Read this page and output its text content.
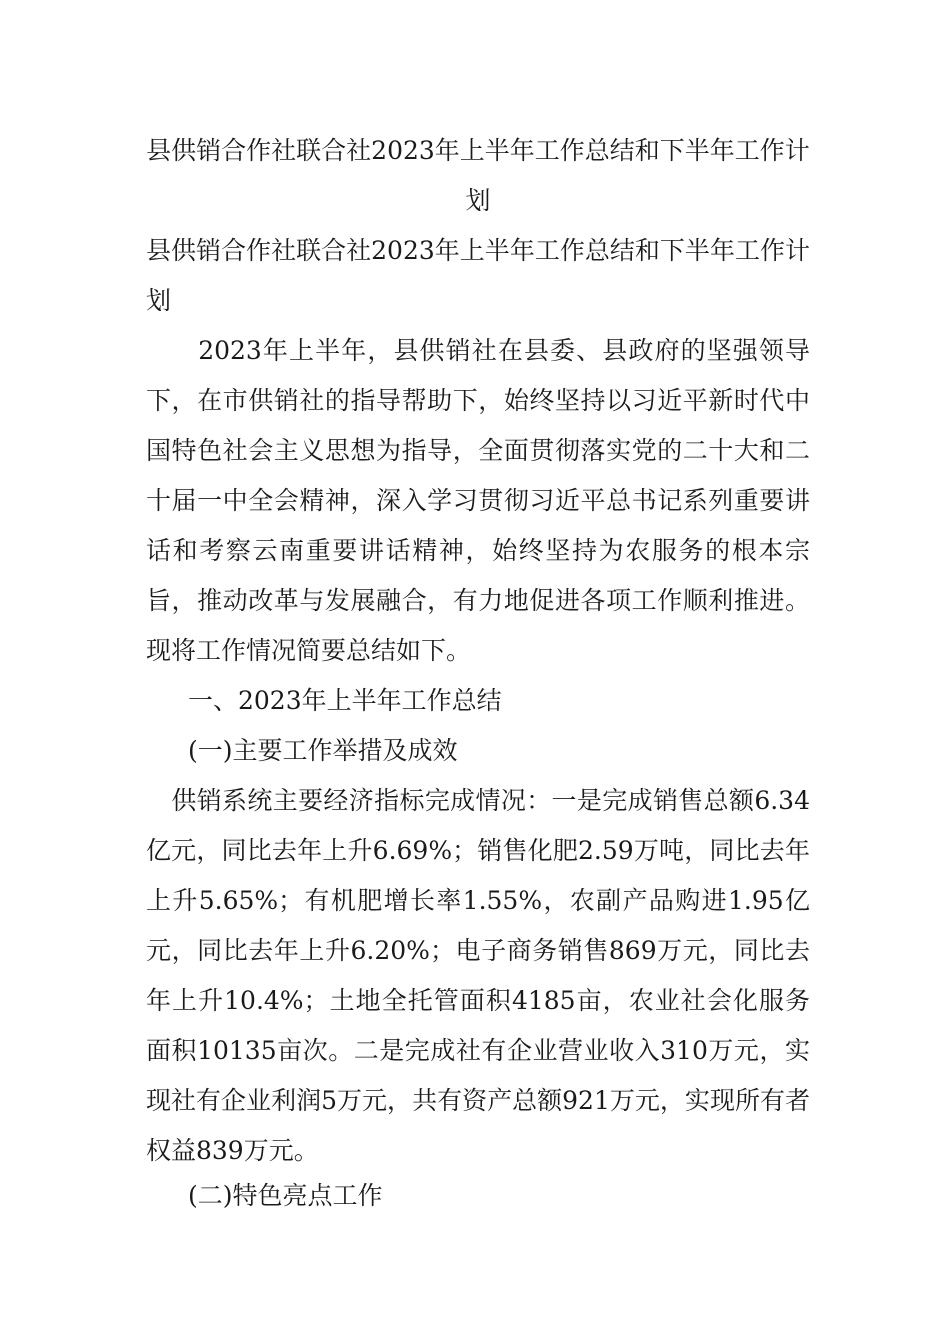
县供销合作社联合社2023年上半年工作总结和下半年工作计划

县供销合作社联合社2023年上半年工作总结和下半年工作计划

　　2023年上半年，县供销社在县委、县政府的坚强领导下，在市供销社的指导帮助下，始终坚持以习近平新时代中国特色社会主义思想为指导，全面贯彻落实党的二十大和二十届一中全会精神，深入学习贯彻习近平总书记系列重要讲话和考察云南重要讲话精神，始终坚持为农服务的根本宗旨，推动改革与发展融合，有力地促进各项工作顺利推进。现将工作情况简要总结如下。

一、2023年上半年工作总结

(一)主要工作举措及成效

　供销系统主要经济指标完成情况：一是完成销售总额6.34亿元，同比去年上升6.69%；销售化肥2.59万吨，同比去年上升5.65%；有机肥增长率1.55%，农副产品购进1.95亿元，同比去年上升6.20%；电子商务销售869万元，同比去年上升10.4%；土地全托管面积4185亩，农业社会化服务面积10135亩次。二是完成社有企业营业收入310万元，实现社有企业利润5万元，共有资产总额921万元，实现所有者权益839万元。

(二)特色亮点工作
